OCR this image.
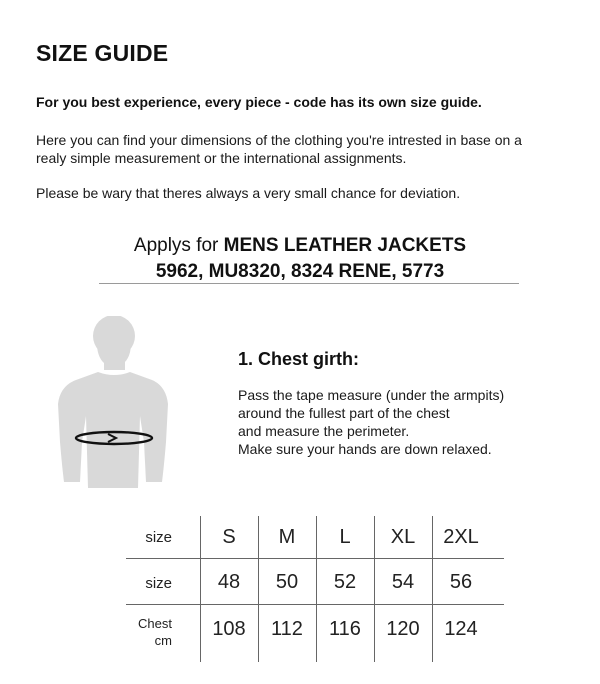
SIZE GUIDE
For you best experience, every piece - code has its own size guide.
Here you can find your dimensions of the clothing you're intrested in base on a
realy simple measurement or the international assignments.
Please be wary that theres always a very small chance for deviation.
Applys for MENS LEATHER JACKETS
5962, MU8320, 8324 RENE, 5773
1. Chest girth:
Pass the tape measure (under the armpits)
around the fullest part of the chest
and measure the perimeter.
Make sure your hands are down relaxed.
size	S	M	L	XL	2XL
size	48	50	52	54	56
Chest
cm
108	112	116	120	124
